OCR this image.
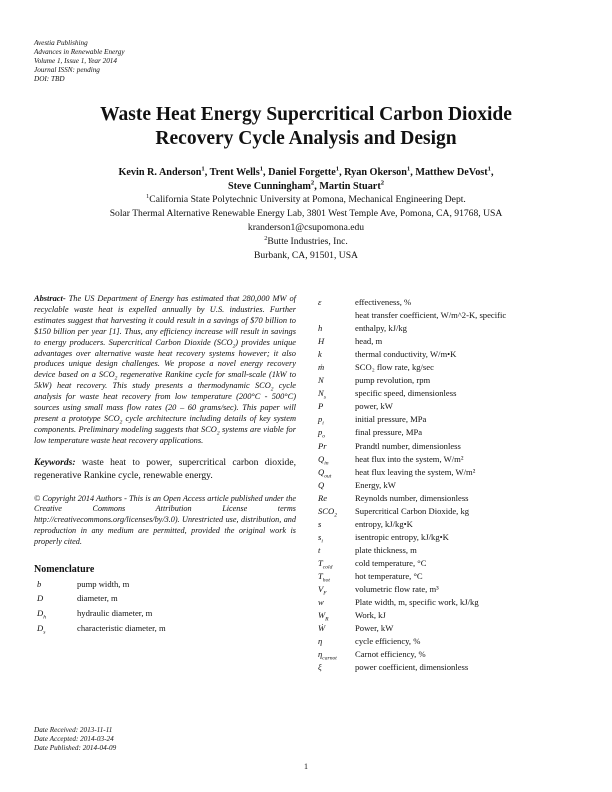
Avestia Publishing
Advances in Renewable Energy
Volume 1, Issue 1, Year 2014
Journal ISSN: pending
DOI: TBD
Waste Heat Energy Supercritical Carbon Dioxide
Recovery Cycle Analysis and Design
Kevin R. Anderson$^1$, Trent Wells$^1$, Daniel Forgette$^1$, Ryan Okerson$^1$, Matthew DeVost$^1$,
Steve Cunningham$^2$, Martin Stuart$^2$
$^1$California State Polytechnic University at Pomona, Mechanical Engineering Dept.
Solar Thermal Alternative Renewable Energy Lab, 3801 West Temple Ave, Pomona, CA, 91768, USA
kranderson1@csupomona.edu
$^2$Butte Industries, Inc.
Burbank, CA, 91501, USA

Abstract- The US Department of Energy has estimated that 280,000 MW of recyclable waste heat is expelled annually by U.S. industries. Further estimates suggest that harvesting it could result in a savings of $70 billion to $150 billion per year [1]. Thus, any efficiency increase will result in savings to energy producers. Supercritical Carbon Dioxide $(SCO_2)$ provides unique advantages over alternative waste heat recovery systems however; it also produces unique design challenges. We propose a novel energy recovery device based on a $SCO_2$ regenerative Rankine cycle for small-scale (1kW to 5kW) heat recovery. This study presents a thermodynamic $SCO_2$ cycle analysis for waste heat recovery from low temperature (200°C - 500°C) sources using small mass flow rates (20 – 60 grams/sec). This paper will present a prototype $SCO_2$ cycle architecture including details of key system components. Preliminary modeling suggests that $SCO_2$ systems are viable for low temperature waste heat recovery applications.

Keywords: waste heat to power, supercritical carbon dioxide, regenerative Rankine cycle, renewable energy.

© Copyright 2014 Authors - This is an Open Access article published under the Creative Commons Attribution License terms http://creativecommons.org/licenses/by/3.0). Unrestricted use, distribution, and reproduction in any medium are permitted, provided the original work is properly cited.

Nomenclature
b	pump width, m
D	diameter, m
$D_h$	hydraulic diameter, m
$D_s$	characteristic diameter, m
ε	effectiveness, %
heat transfer coefficient, W/m^2-K, specific
h	enthalpy, kJ/kg
H	head, m
k	thermal conductivity, W/m•K
ṁ	SCO₂ flow rate, kg/sec
N	pump revolution, rpm
$N_s$	specific speed, dimensionless
P	power, kW
$p_i$	initial pressure, MPa
$p_o$	final pressure, MPa
Pr	Prandtl number, dimensionless
$Q_{in}$	heat flux into the system, W/m²
$Q_{out}$	heat flux leaving the system, W/m²
Q	Energy, kW
Re	Reynolds number, dimensionless
$SCO_2$	Supercritical Carbon Dioxide, kg
s	entropy, kJ/kg•K
$s_i$	isentropic entropy, kJ/kg•K
t	plate thickness, m
$T_{cold}$	cold temperature, °C
$T_{hot}$	hot temperature, °C
$V_F$	volumetric flow rate, m³
w	Plate width, m, specific work, kJ/kg
$W_R$	Work, kJ
Ẇ	Power, kW
η	cycle efficiency, %
$\eta_{carnot}$	Carnot efficiency, %
ξ	power coefficient, dimensionless
Date Received: 2013-11-11
Date Accepted: 2014-03-24
Date Published: 2014-04-09
1
